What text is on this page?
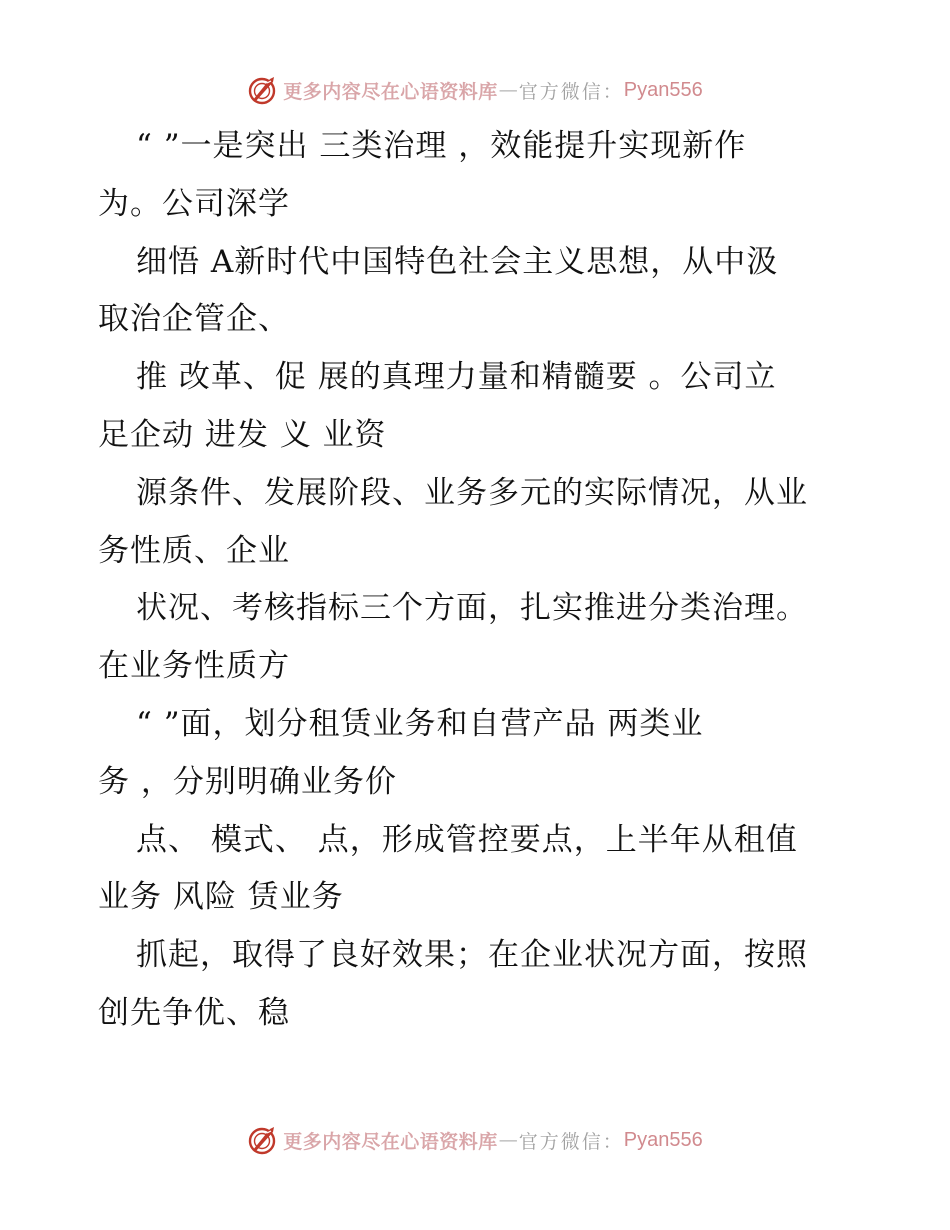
更多内容尽在心语资料库 — 官方微信： Pyan556
“ ”一是突出 三类治理 ，效能提升实现新作
为。公司深学
细悟 A新时代中国特色社会主义思想，从中汲
取治企管企、
推 改革、促 展的真理力量和精髓要 。公司立
足企动 进发 义 业资
源条件、发展阶段、业务多元的实际情况，从业
务性质、企业
状况、考核指标三个方面，扎实推进分类治理。
在业务性质方
“ ”面，划分租赁业务和自营产品 两类业
务 ，分别明确业务价
点、 模式、 点，形成管控要点，上半年从租值
业务 风险 赁业务
抓起，取得了良好效果；在企业状况方面，按照
创先争优、稳
更多内容尽在心语资料库 — 官方微信： Pyan556
